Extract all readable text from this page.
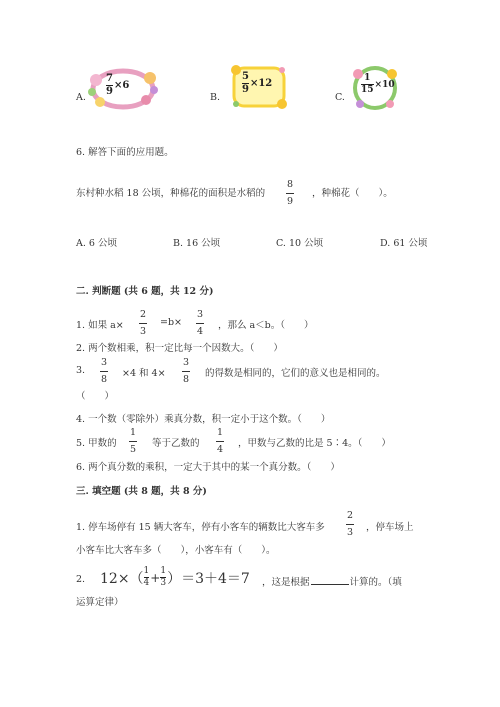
A.
7
9
×6
B.
5
9
×12
C.
1
15
×10
6. 解答下面的应用题。
东村种水稻 18 公顷，种棉花的面积是水稻的
8
9
，种棉花（　　）。
A. 6 公顷	B. 16 公顷	C. 10 公顷	D. 61 公顷
二. 判断题 (共 6 题，共 12 分)
1. 如果 a×
2
3
=b×
3
4 ，那么 a＜b。（　　）
2. 两个数相乘，积一定比每一个因数大。（　　）
3.
3
8 ×4 和 4×
3
8 的得数是相同的，它们的意义也是相同的。
（　　）
4. 一个数（零除外）乘真分数，积一定小于这个数。（　　）
5. 甲数的
1
5 等于乙数的
1
4 ，甲数与乙数的比是 5∶4。（　　）
6. 两个真分数的乘积，一定大于其中的某一个真分数。（　　）
三. 填空题 (共 8 题，共 8 分)
1. 停车场停有 15 辆大客车，停有小客车的辆数比大客车多
2
3 ，停车场上
小客车比大客车多（　　），小客车有（　　）。
2. 12×（ 1
4 + 1
3 ）＝3＋4＝7 ，这是根据	计算的。（填
运算定律）
